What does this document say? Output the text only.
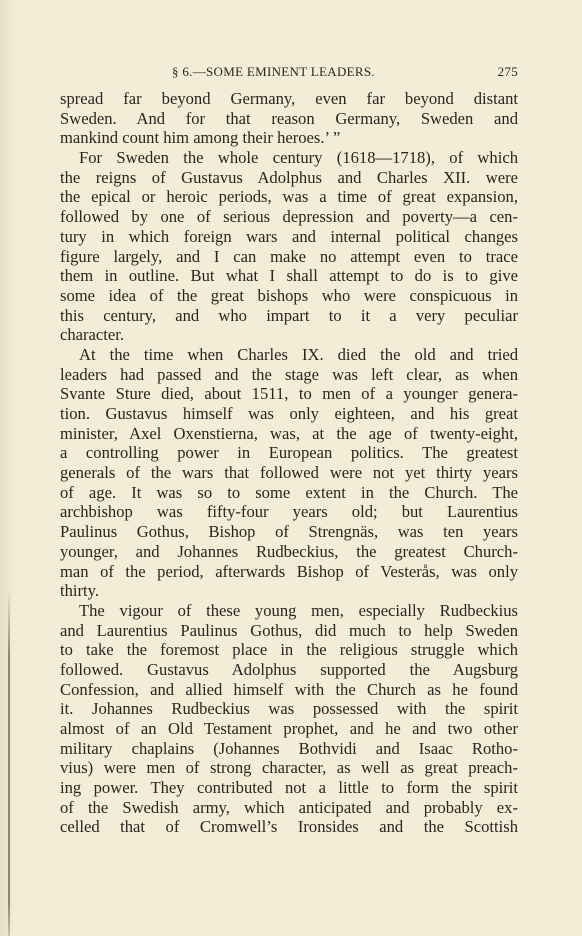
§ 6.—SOME EMINENT LEADERS.	275
spread far beyond Germany, even far beyond distant
Sweden. And for that reason Germany, Sweden and
mankind count him among their heroes.’ ”
For Sweden the whole century (1618—1718), of which
the reigns of Gustavus Adolphus and Charles XII. were
the epical or heroic periods, was a time of great expansion,
followed by one of serious depression and poverty—a cen-
tury in which foreign wars and internal political changes
figure largely, and I can make no attempt even to trace
them in outline. But what I shall attempt to do is to give
some idea of the great bishops who were conspicuous in
this century, and who impart to it a very peculiar
character.
At the time when Charles IX. died the old and tried
leaders had passed and the stage was left clear, as when
Svante Sture died, about 1511, to men of a younger genera-
tion. Gustavus himself was only eighteen, and his great
minister, Axel Oxenstierna, was, at the age of twenty-eight,
a controlling power in European politics. The greatest
generals of the wars that followed were not yet thirty years
of age. It was so to some extent in the Church. The
archbishop was fifty-four years old; but Laurentius
Paulinus Gothus, Bishop of Strengnäs, was ten years
younger, and Johannes Rudbeckius, the greatest Church-
man of the period, afterwards Bishop of Vesterås, was only
thirty.
The vigour of these young men, especially Rudbeckius
and Laurentius Paulinus Gothus, did much to help Sweden
to take the foremost place in the religious struggle which
followed. Gustavus Adolphus supported the Augsburg
Confession, and allied himself with the Church as he found
it. Johannes Rudbeckius was possessed with the spirit
almost of an Old Testament prophet, and he and two other
military chaplains (Johannes Bothvidi and Isaac Rotho-
vius) were men of strong character, as well as great preach-
ing power. They contributed not a little to form the spirit
of the Swedish army, which anticipated and probably ex-
celled that of Cromwell’s Ironsides and the Scottish
